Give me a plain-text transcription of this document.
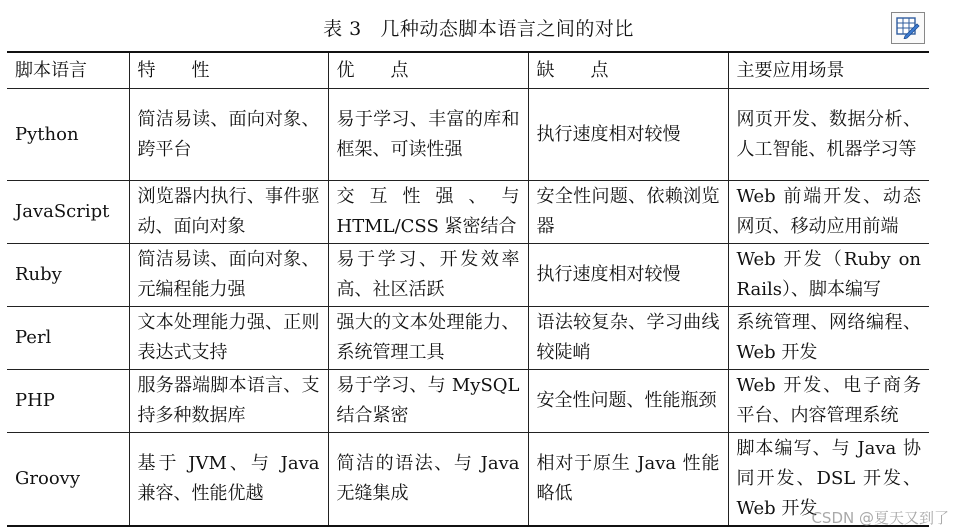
表 3 几种动态脚本语言之间的对比
脚本语言	特　　性	优　　点	缺　　点	主要应用场景
Python	简洁易读、面向对象、跨平台	易于学习、丰富的库和框架、可读性强	执行速度相对较慢	网页开发、数据分析、人工智能、机器学习等
JavaScript	浏览器内执行、事件驱动、面向对象	交 互 性 强 、 与 HTML/CSS 紧密结合	安全性问题、依赖浏览器	Web 前端开发、动态网页、移动应用前端
Ruby	简洁易读、面向对象、元编程能力强	易于学习、开发效率高、社区活跃	执行速度相对较慢	Web 开发（Ruby on Rails）、脚本编写
Perl	文本处理能力强、正则表达式支持	强大的文本处理能力、系统管理工具	语法较复杂、学习曲线较陡峭	系统管理、网络编程、Web 开发
PHP	服务器端脚本语言、支持多种数据库	易于学习、与 MySQL 结合紧密	安全性问题、性能瓶颈	Web 开发、电子商务平台、内容管理系统
Groovy	基于 JVM、与 Java 兼容、性能优越	简洁的语法、与 Java 无缝集成	相对于原生 Java 性能略低	脚本编写、与 Java 协同开发、DSL 开发、Web 开发
CSDN @夏天又到了
